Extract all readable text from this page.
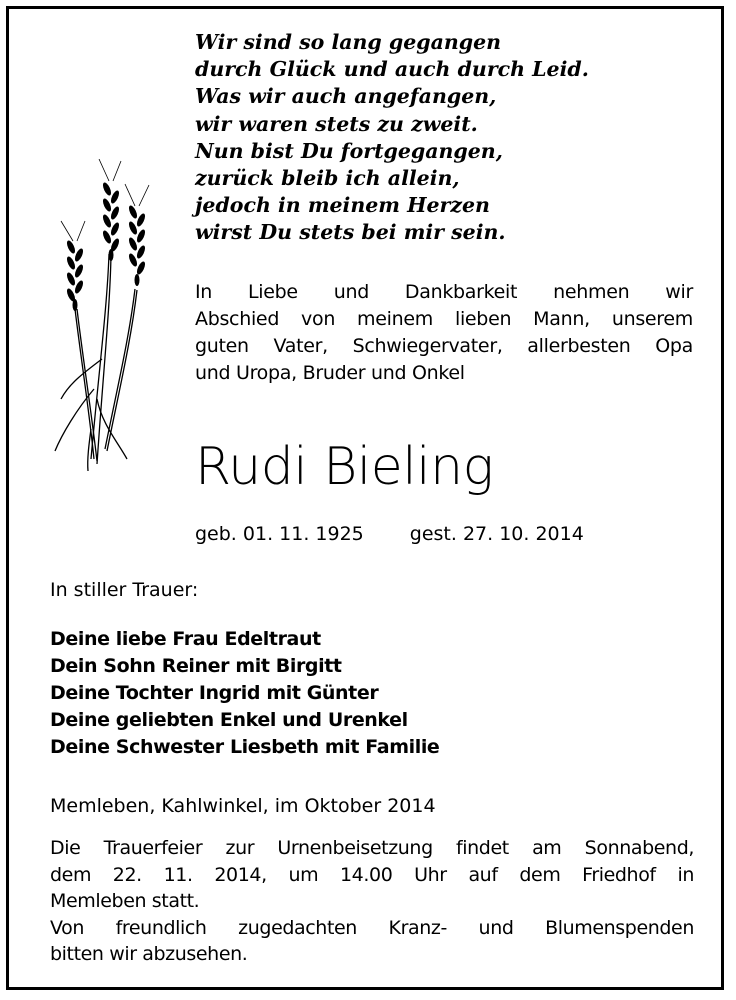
Wir sind so lang gegangen
durch Glück und auch durch Leid.
Was wir auch angefangen,
wir waren stets zu zweit.
Nun bist Du fortgegangen,
zurück bleib ich allein,
jedoch in meinem Herzen
wirst Du stets bei mir sein.
In Liebe und Dankbarkeit nehmen wir
Abschied von meinem lieben Mann, unserem
guten Vater, Schwiegervater, allerbesten Opa
und Uropa, Bruder und Onkel
Rudi Bieling
geb. 01. 11. 1925 gest. 27. 10. 2014
In stiller Trauer:
Deine liebe Frau Edeltraut
Dein Sohn Reiner mit Birgitt
Deine Tochter Ingrid mit Günter
Deine geliebten Enkel und Urenkel
Deine Schwester Liesbeth mit Familie
Memleben, Kahlwinkel, im Oktober 2014
Die Trauerfeier zur Urnenbeisetzung findet am Sonnabend,
dem 22. 11. 2014, um 14.00 Uhr auf dem Friedhof in
Memleben statt.
Von freundlich zugedachten Kranz- und Blumenspenden
bitten wir abzusehen.
